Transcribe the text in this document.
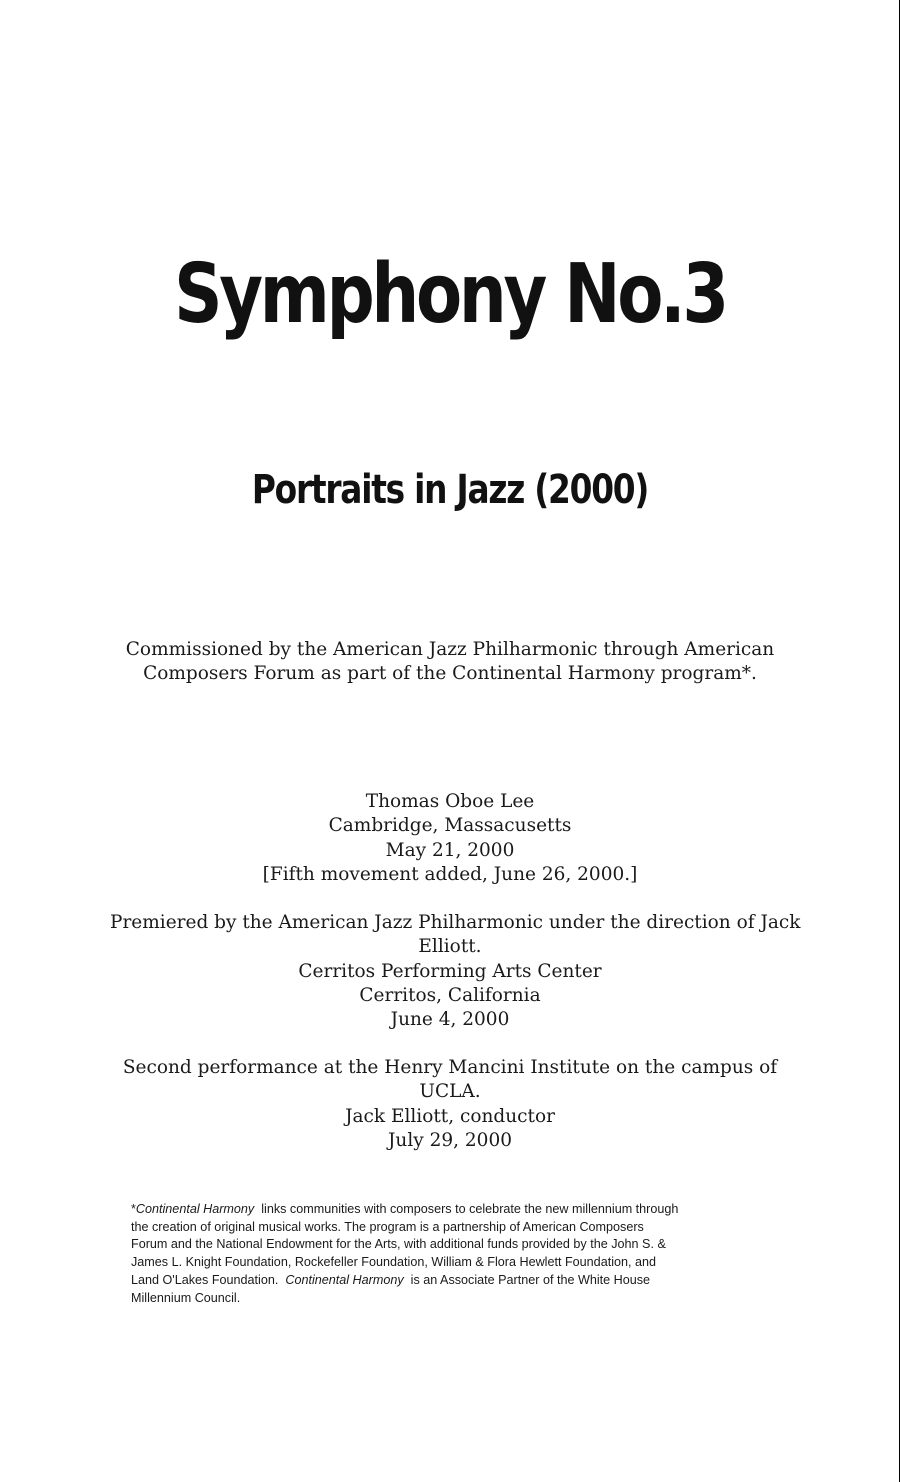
Symphony No.3
Portraits in Jazz (2000)
Commissioned by the American Jazz Philharmonic through American
Composers Forum as part of the Continental Harmony program*.
Thomas Oboe Lee
Cambridge, Massacusetts
May 21, 2000
[Fifth movement added, June 26, 2000.]
Premiered by the American Jazz Philharmonic under the direction of Jack
Elliott.
Cerritos Performing Arts Center
Cerritos, California
June 4, 2000
Second performance at the Henry Mancini Institute on the campus of
UCLA.
Jack Elliott, conductor
July 29, 2000
*Continental Harmony  links communities with composers to celebrate the new millennium through
the creation of original musical works. The program is a partnership of American Composers
Forum and the National Endowment for the Arts, with additional funds provided by the John S. &
James L. Knight Foundation, Rockefeller Foundation, William & Flora Hewlett Foundation, and
Land O'Lakes Foundation.  Continental Harmony  is an Associate Partner of the White House
Millennium Council.
